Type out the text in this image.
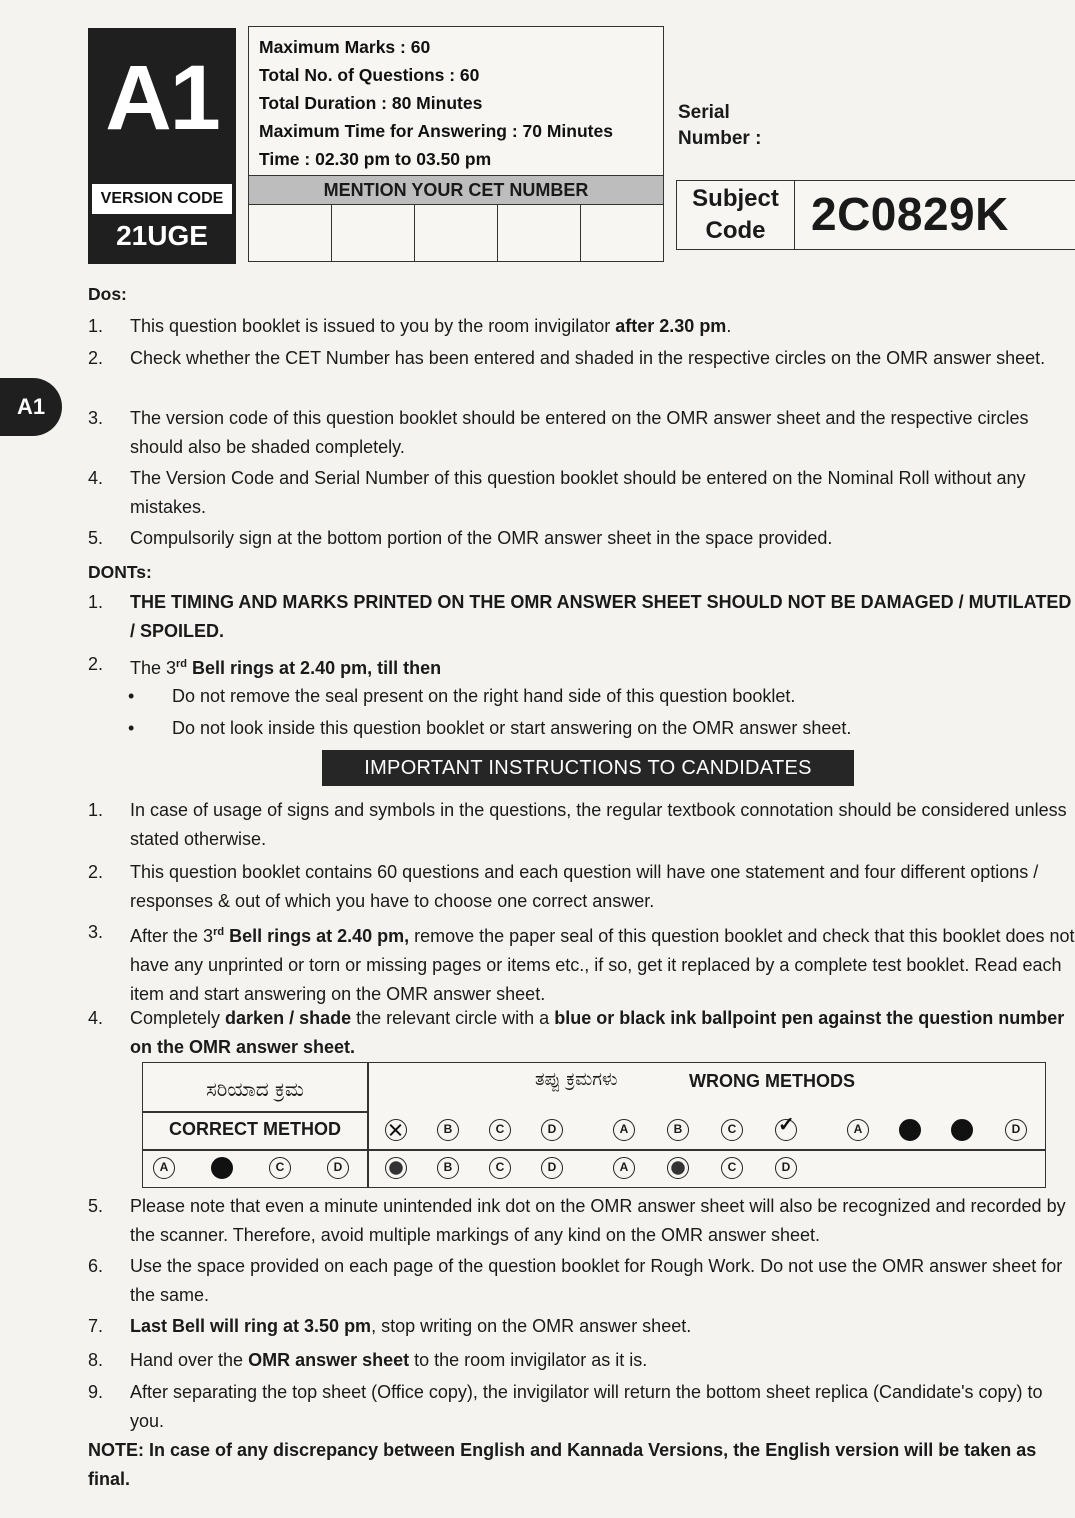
A1
VERSION CODE
21UGE
Maximum Marks : 60
Total No. of Questions : 60
Total Duration : 80 Minutes
Maximum Time for Answering : 70 Minutes
Time : 02.30 pm to 03.50 pm
MENTION YOUR CET NUMBER
Serial
Number :
Subject
Code 2C0829K
A1
Dos:
1.	This question booklet is issued to you by the room invigilator after 2.30 pm.
2.	Check whether the CET Number has been entered and shaded in the respective circles on the OMR answer sheet.
3.	The version code of this question booklet should be entered on the OMR answer sheet and the respective circles should also be shaded completely.
4.	The Version Code and Serial Number of this question booklet should be entered on the Nominal Roll without any mistakes.
5.	Compulsorily sign at the bottom portion of the OMR answer sheet in the space provided.
DONTs:
1.	THE TIMING AND MARKS PRINTED ON THE OMR ANSWER SHEET SHOULD NOT BE DAMAGED / MUTILATED / SPOILED.
2.	The 3rd Bell rings at 2.40 pm, till then
• Do not remove the seal present on the right hand side of this question booklet.
• Do not look inside this question booklet or start answering on the OMR answer sheet.
IMPORTANT INSTRUCTIONS TO CANDIDATES
1.	In case of usage of signs and symbols in the questions, the regular textbook connotation should be considered unless stated otherwise.
2.	This question booklet contains 60 questions and each question will have one statement and four different options / responses & out of which you have to choose one correct answer.
3.	After the 3rd Bell rings at 2.40 pm, remove the paper seal of this question booklet and check that this booklet does not have any unprinted or torn or missing pages or items etc., if so, get it replaced by a complete test booklet. Read each item and start answering on the OMR answer sheet.
4.	Completely darken / shade the relevant circle with a blue or black ink ballpoint pen against the question number on the OMR answer sheet.
ಸರಿಯಾದ ಕ್ರಮ
CORRECT METHOD
ತಪ್ಪು ಕ್ರಮಗಳು	WRONG METHODS
A	C	D
B	C	D	A	B	C
✓	A	D
B	C	D	A	C	D
5.	Please note that even a minute unintended ink dot on the OMR answer sheet will also be recognized and recorded by the scanner. Therefore, avoid multiple markings of any kind on the OMR answer sheet.
6.	Use the space provided on each page of the question booklet for Rough Work. Do not use the OMR answer sheet for the same.
7.	Last Bell will ring at 3.50 pm, stop writing on the OMR answer sheet.
8.	Hand over the OMR answer sheet to the room invigilator as it is.
9.	After separating the top sheet (Office copy), the invigilator will return the bottom sheet replica (Candidate's copy) to you.
NOTE: In case of any discrepancy between English and Kannada Versions, the English version will be taken as final.
